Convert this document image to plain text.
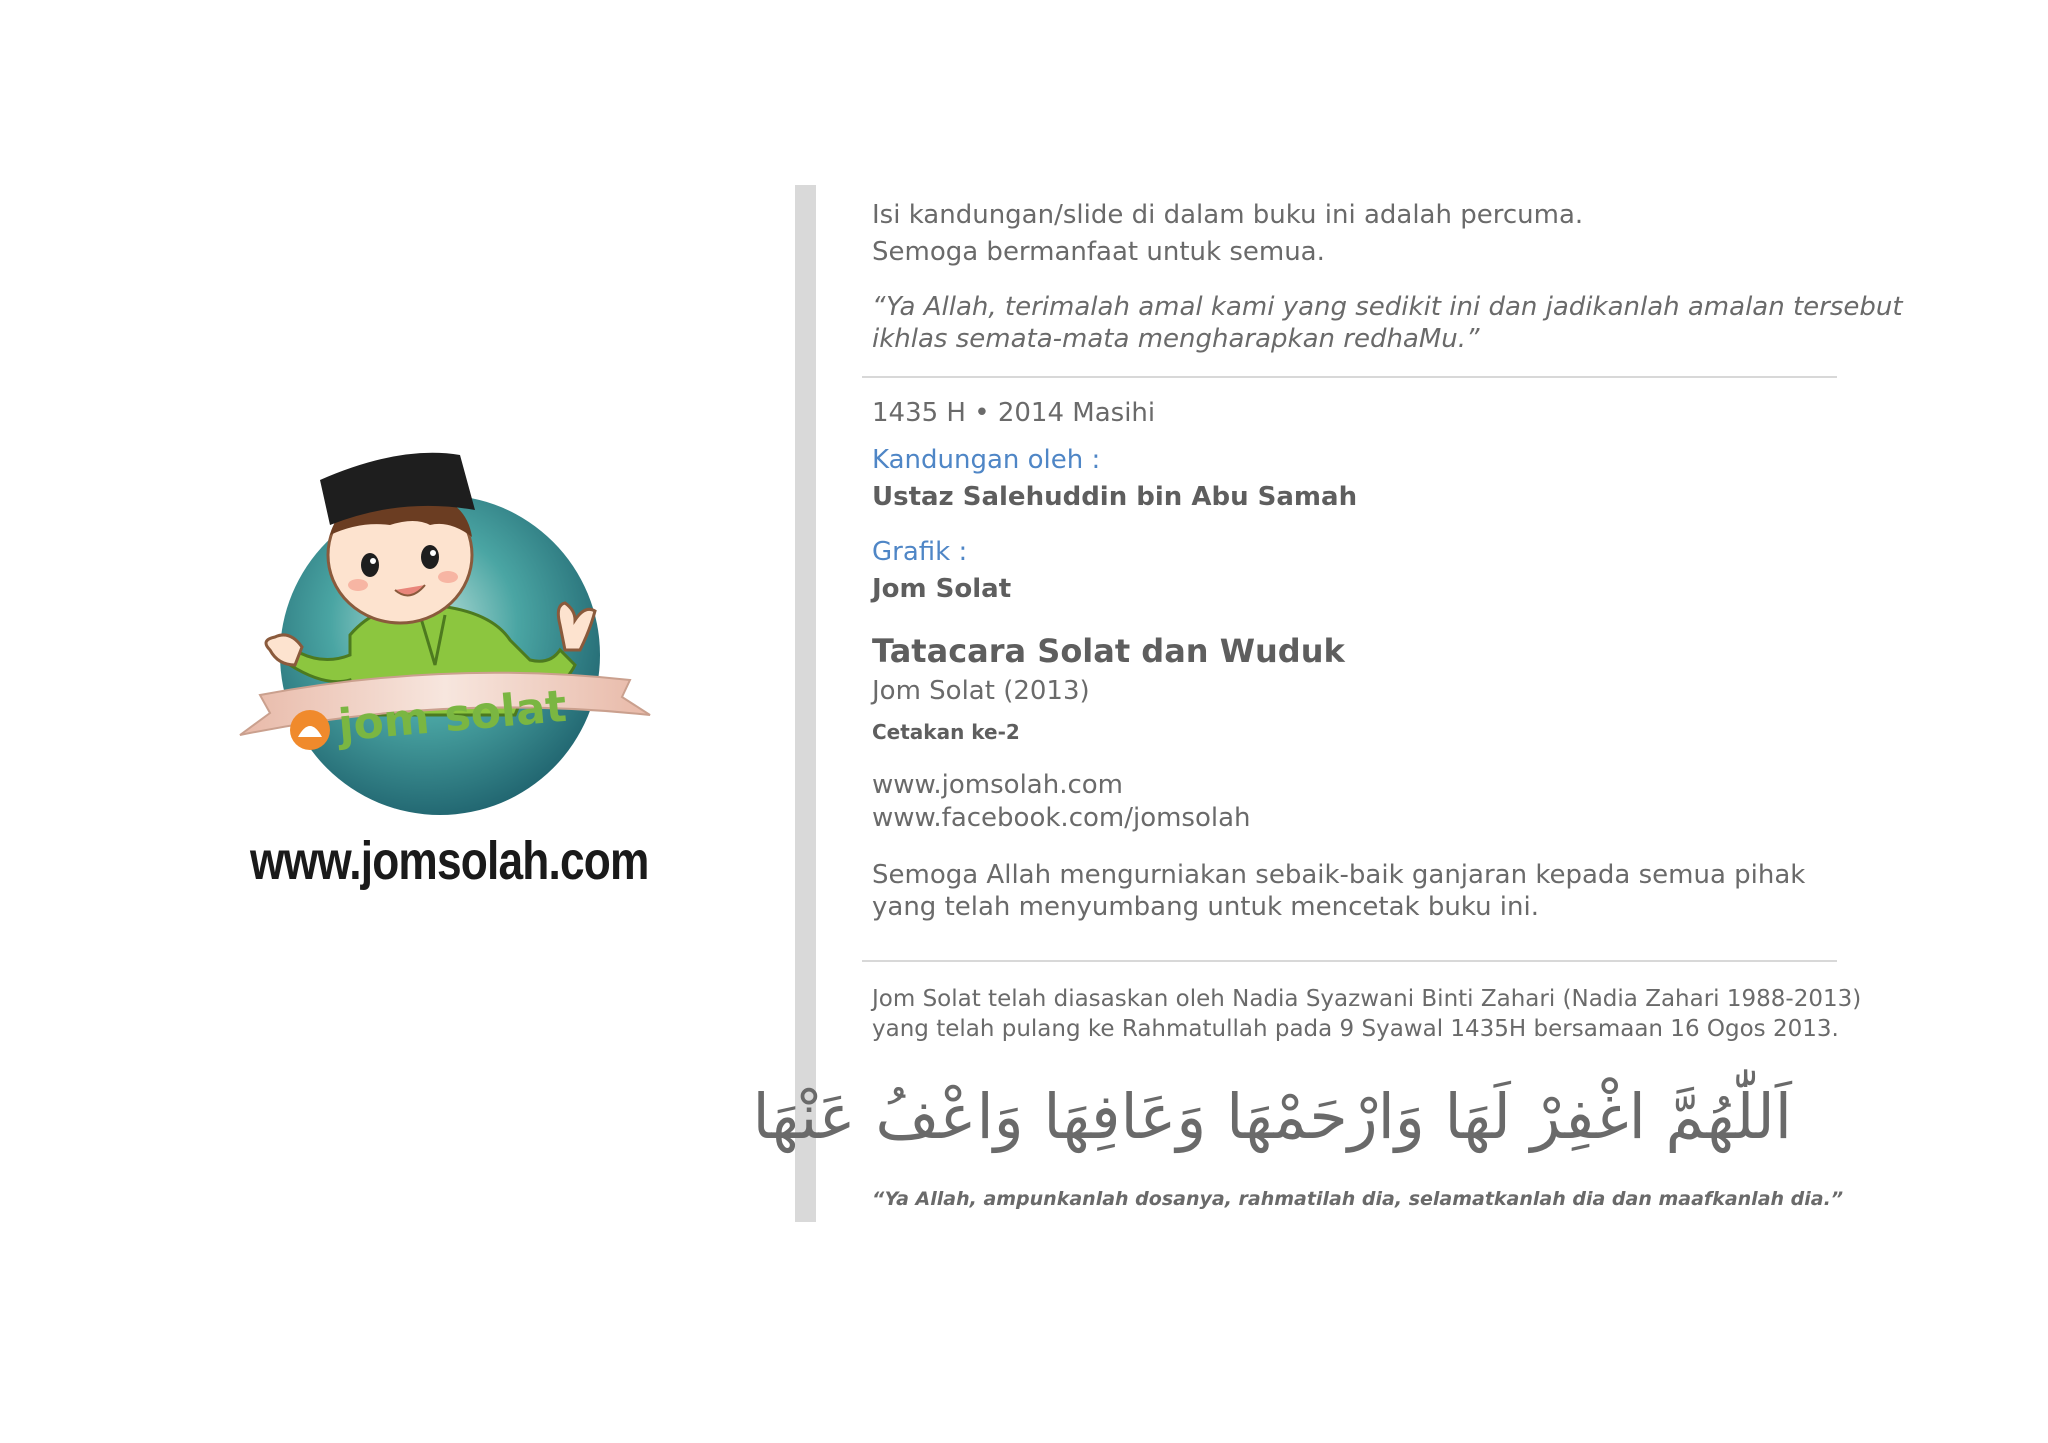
jom solat
www.jomsolah.com
Isi kandungan/slide di dalam buku ini adalah percuma.
Semoga bermanfaat untuk semua.
“Ya Allah, terimalah amal kami yang sedikit ini dan jadikanlah amalan tersebut
ikhlas semata-mata mengharapkan redhaMu.”
1435 H • 2014 Masihi
Kandungan oleh :
Ustaz Salehuddin bin Abu Samah
Grafik :
Jom Solat
Tatacara Solat dan Wuduk
Jom Solat (2013)
Cetakan ke-2
www.jomsolah.com
www.facebook.com/jomsolah
Semoga Allah mengurniakan sebaik-baik ganjaran kepada semua pihak
yang telah menyumbang untuk mencetak buku ini.
Jom Solat telah diasaskan oleh Nadia Syazwani Binti Zahari (Nadia Zahari 1988-2013)
yang telah pulang ke Rahmatullah pada 9 Syawal 1435H bersamaan 16 Ogos 2013.
اَللّٰهُمَّ اغْفِرْ لَهَا وَارْحَمْهَا وَعَافِهَا وَاعْفُ عَنْهَا
“Ya Allah, ampunkanlah dosanya, rahmatilah dia, selamatkanlah dia dan maafkanlah dia.”
